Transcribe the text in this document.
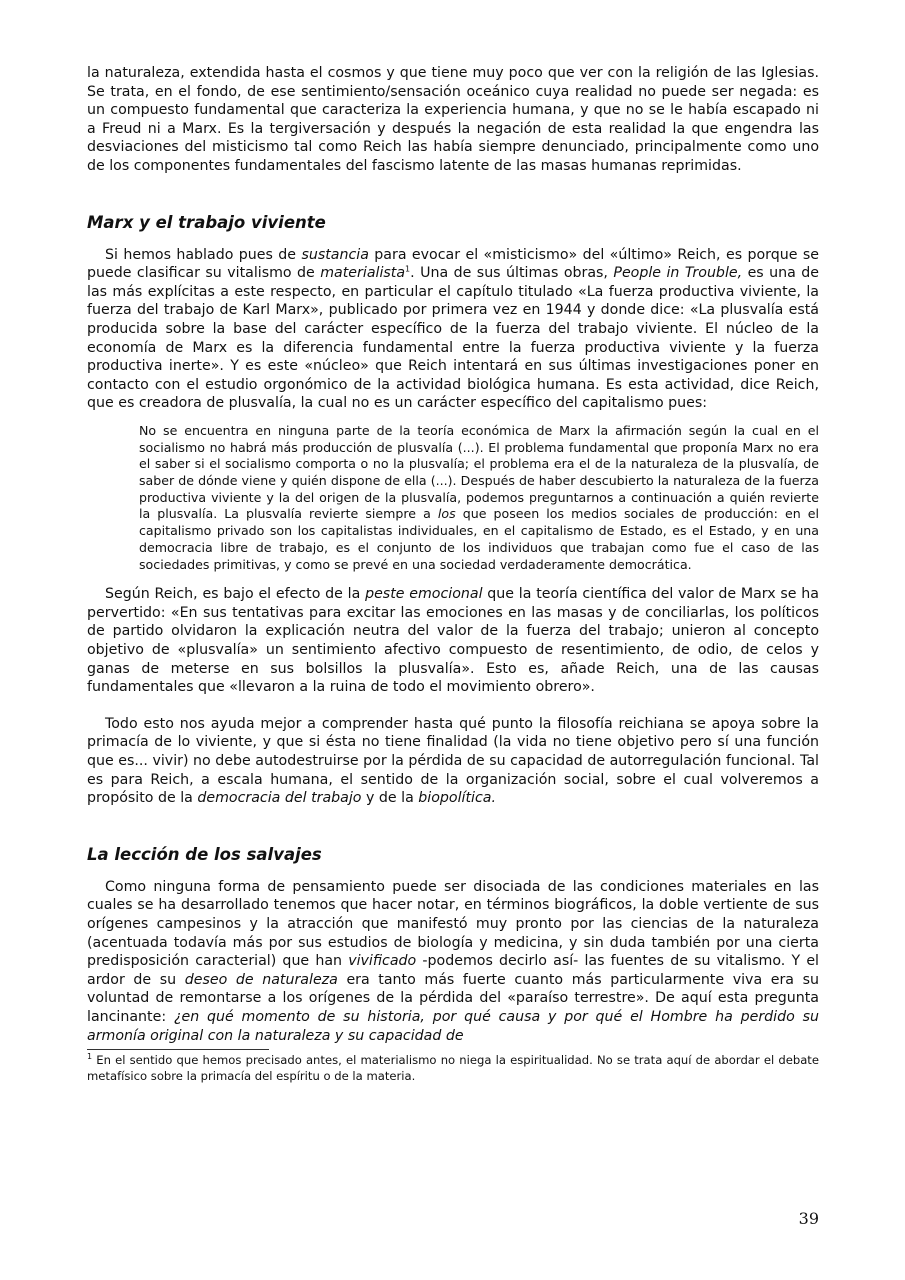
la naturaleza, extendida hasta el cosmos y que tiene muy poco que ver con la religión de las Iglesias. Se trata, en el fondo, de ese sentimiento/sensación oceánico cuya realidad no puede ser negada: es un compuesto fundamental que caracteriza la experiencia humana, y que no se le había escapado ni a Freud ni a Marx. Es la tergiversación y después la negación de esta realidad la que engendra las desviaciones del misticismo tal como Reich las había siempre denunciado, principalmente como uno de los componentes fundamentales del fascismo latente de las masas humanas reprimidas.

Marx y el trabajo viviente

Si hemos hablado pues de sustancia para evocar el «misticismo» del «último» Reich, es porque se puede clasificar su vitalismo de materialista$^1$. Una de sus últimas obras, People in Trouble, es una de las más explícitas a este respecto, en particular el capítulo titulado «La fuerza productiva viviente, la fuerza del trabajo de Karl Marx», publicado por primera vez en 1944 y donde dice: «La plusvalía está producida sobre la base del carácter específico de la fuerza del trabajo viviente. El núcleo de la economía de Marx es la diferencia fundamental entre la fuerza productiva viviente y la fuerza productiva inerte». Y es este «núcleo» que Reich intentará en sus últimas investigaciones poner en contacto con el estudio orgonómico de la actividad biológica humana. Es esta actividad, dice Reich, que es creadora de plusvalía, la cual no es un carácter específico del capitalismo pues:

No se encuentra en ninguna parte de la teoría económica de Marx la afirmación según la cual en el socialismo no habrá más producción de plusvalía (...). El problema fundamental que proponía Marx no era el saber si el socialismo comporta o no la plusvalía; el problema era el de la naturaleza de la plusvalía, de saber de dónde viene y quién dispone de ella (...). Después de haber descubierto la naturaleza de la fuerza productiva viviente y la del origen de la plusvalía, podemos preguntarnos a continuación a quién revierte la plusvalía. La plusvalía revierte siempre a los que poseen los medios sociales de producción: en el capitalismo privado son los capitalistas individuales, en el capitalismo de Estado, es el Estado, y en una democracia libre de trabajo, es el conjunto de los individuos que trabajan como fue el caso de las sociedades primitivas, y como se prevé en una sociedad verdaderamente democrática.

Según Reich, es bajo el efecto de la peste emocional que la teoría científica del valor de Marx se ha pervertido: «En sus tentativas para excitar las emociones en las masas y de conciliarlas, los políticos de partido olvidaron la explicación neutra del valor de la fuerza del trabajo; unieron al concepto objetivo de «plusvalía» un sentimiento afectivo compuesto de resentimiento, de odio, de celos y ganas de meterse en sus bolsillos la plusvalía». Esto es, añade Reich, una de las causas fundamentales que «llevaron a la ruina de todo el movimiento obrero».

Todo esto nos ayuda mejor a comprender hasta qué punto la filosofía reichiana se apoya sobre la primacía de lo viviente, y que si ésta no tiene finalidad (la vida no tiene objetivo pero sí una función que es... vivir) no debe autodestruirse por la pérdida de su capacidad de autorregulación funcional. Tal es para Reich, a escala humana, el sentido de la organización social, sobre el cual volveremos a propósito de la democracia del trabajo y de la biopolítica.

La lección de los salvajes

Como ninguna forma de pensamiento puede ser disociada de las condiciones materiales en las cuales se ha desarrollado tenemos que hacer notar, en términos biográficos, la doble vertiente de sus orígenes campesinos y la atracción que manifestó muy pronto por las ciencias de la naturaleza (acentuada todavía más por sus estudios de biología y medicina, y sin duda también por una cierta predisposición caracterial) que han vivificado -podemos decirlo así- las fuentes de su vitalismo. Y el ardor de su deseo de naturaleza era tanto más fuerte cuanto más particularmente viva era su voluntad de remontarse a los orígenes de la pérdida del «paraíso terrestre». De aquí esta pregunta lancinante: ¿en qué momento de su historia, por qué causa y por qué el Hombre ha perdido su armonía original con la naturaleza y su capacidad de

$^1$ En el sentido que hemos precisado antes, el materialismo no niega la espiritualidad. No se trata aquí de abordar el debate metafísico sobre la primacía del espíritu o de la materia.

39
